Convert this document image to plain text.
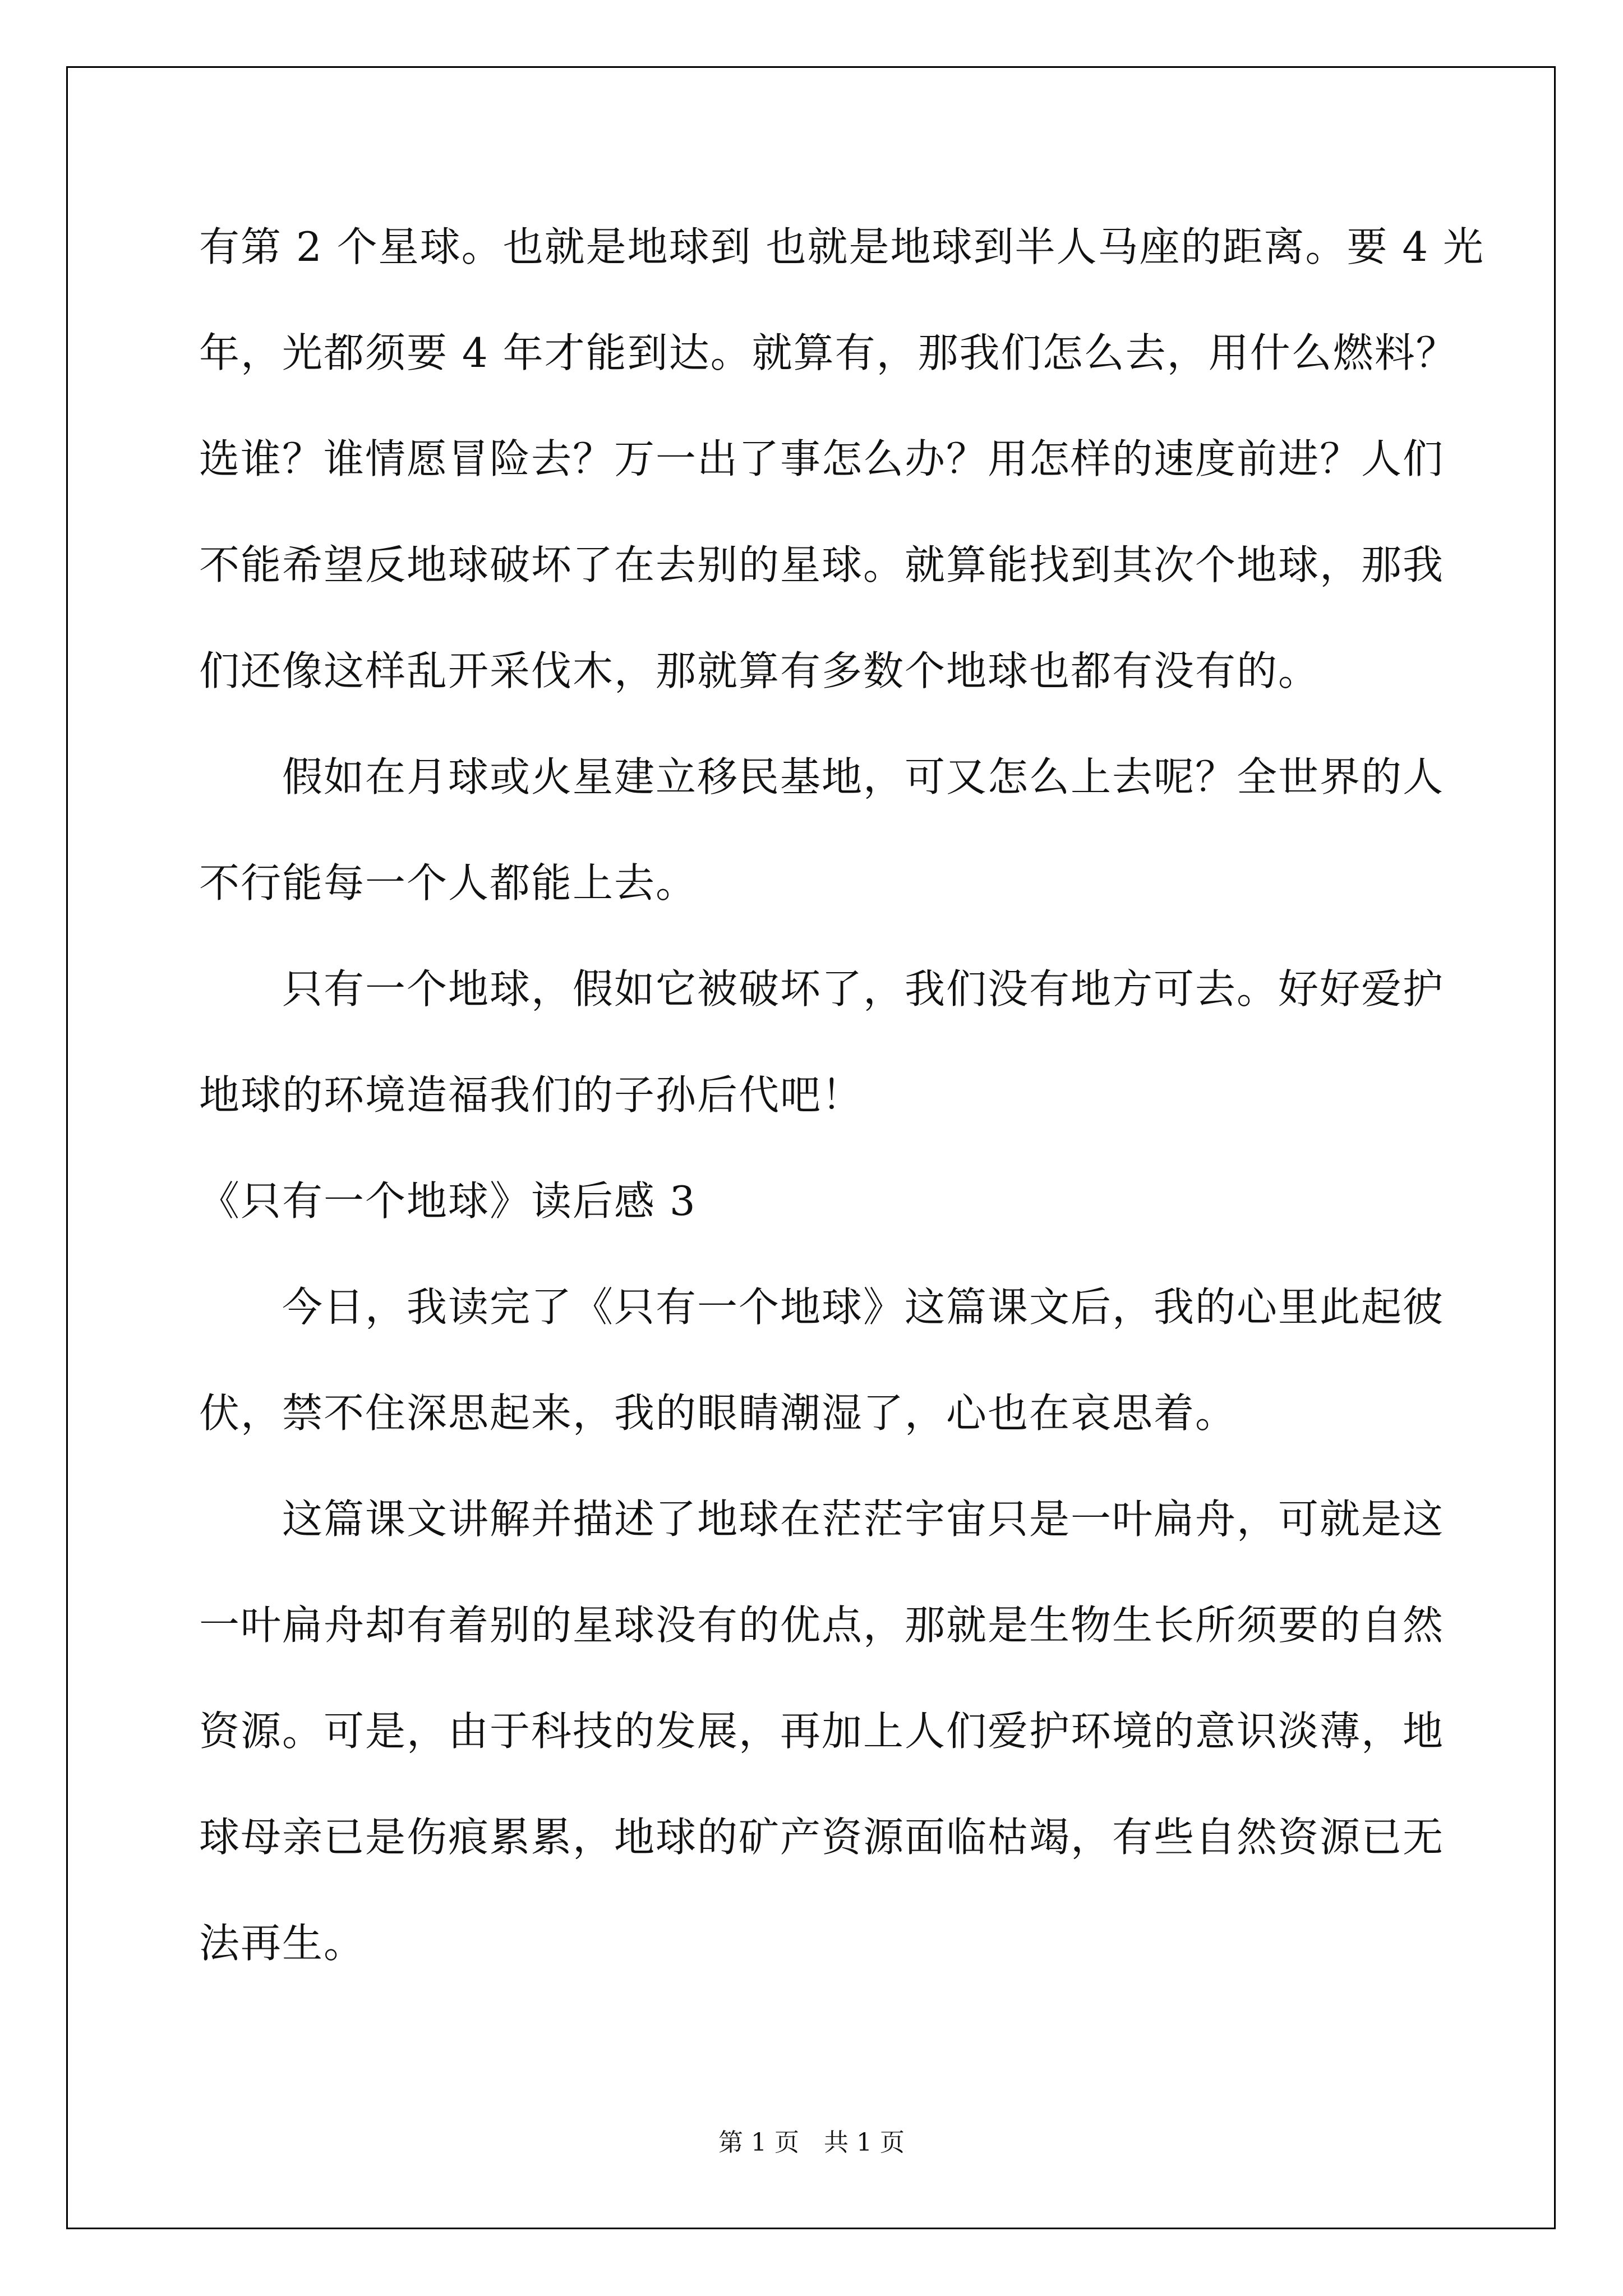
有第 2 个星球。也就是地球到 也就是地球到半人马座的距离。要 4 光
年，光都须要 4 年才能到达。就算有，那我们怎么去，用什么燃料？
选谁？谁情愿冒险去？万一出了事怎么办？用怎样的速度前进？人们
不能希望反地球破坏了在去别的星球。就算能找到其次个地球，那我
们还像这样乱开采伐木，那就算有多数个地球也都有没有的。
　　假如在月球或火星建立移民基地，可又怎么上去呢？全世界的人
不行能每一个人都能上去。
　　只有一个地球，假如它被破坏了，我们没有地方可去。好好爱护
地球的环境造福我们的子孙后代吧！
《只有一个地球》读后感 3
　　今日，我读完了《只有一个地球》这篇课文后，我的心里此起彼
伏，禁不住深思起来，我的眼睛潮湿了，心也在哀思着。
　　这篇课文讲解并描述了地球在茫茫宇宙只是一叶扁舟，可就是这
一叶扁舟却有着别的星球没有的优点，那就是生物生长所须要的自然
资源。可是，由于科技的发展，再加上人们爱护环境的意识淡薄，地
球母亲已是伤痕累累，地球的矿产资源面临枯竭，有些自然资源已无
法再生。
第 1 页　共 1 页
